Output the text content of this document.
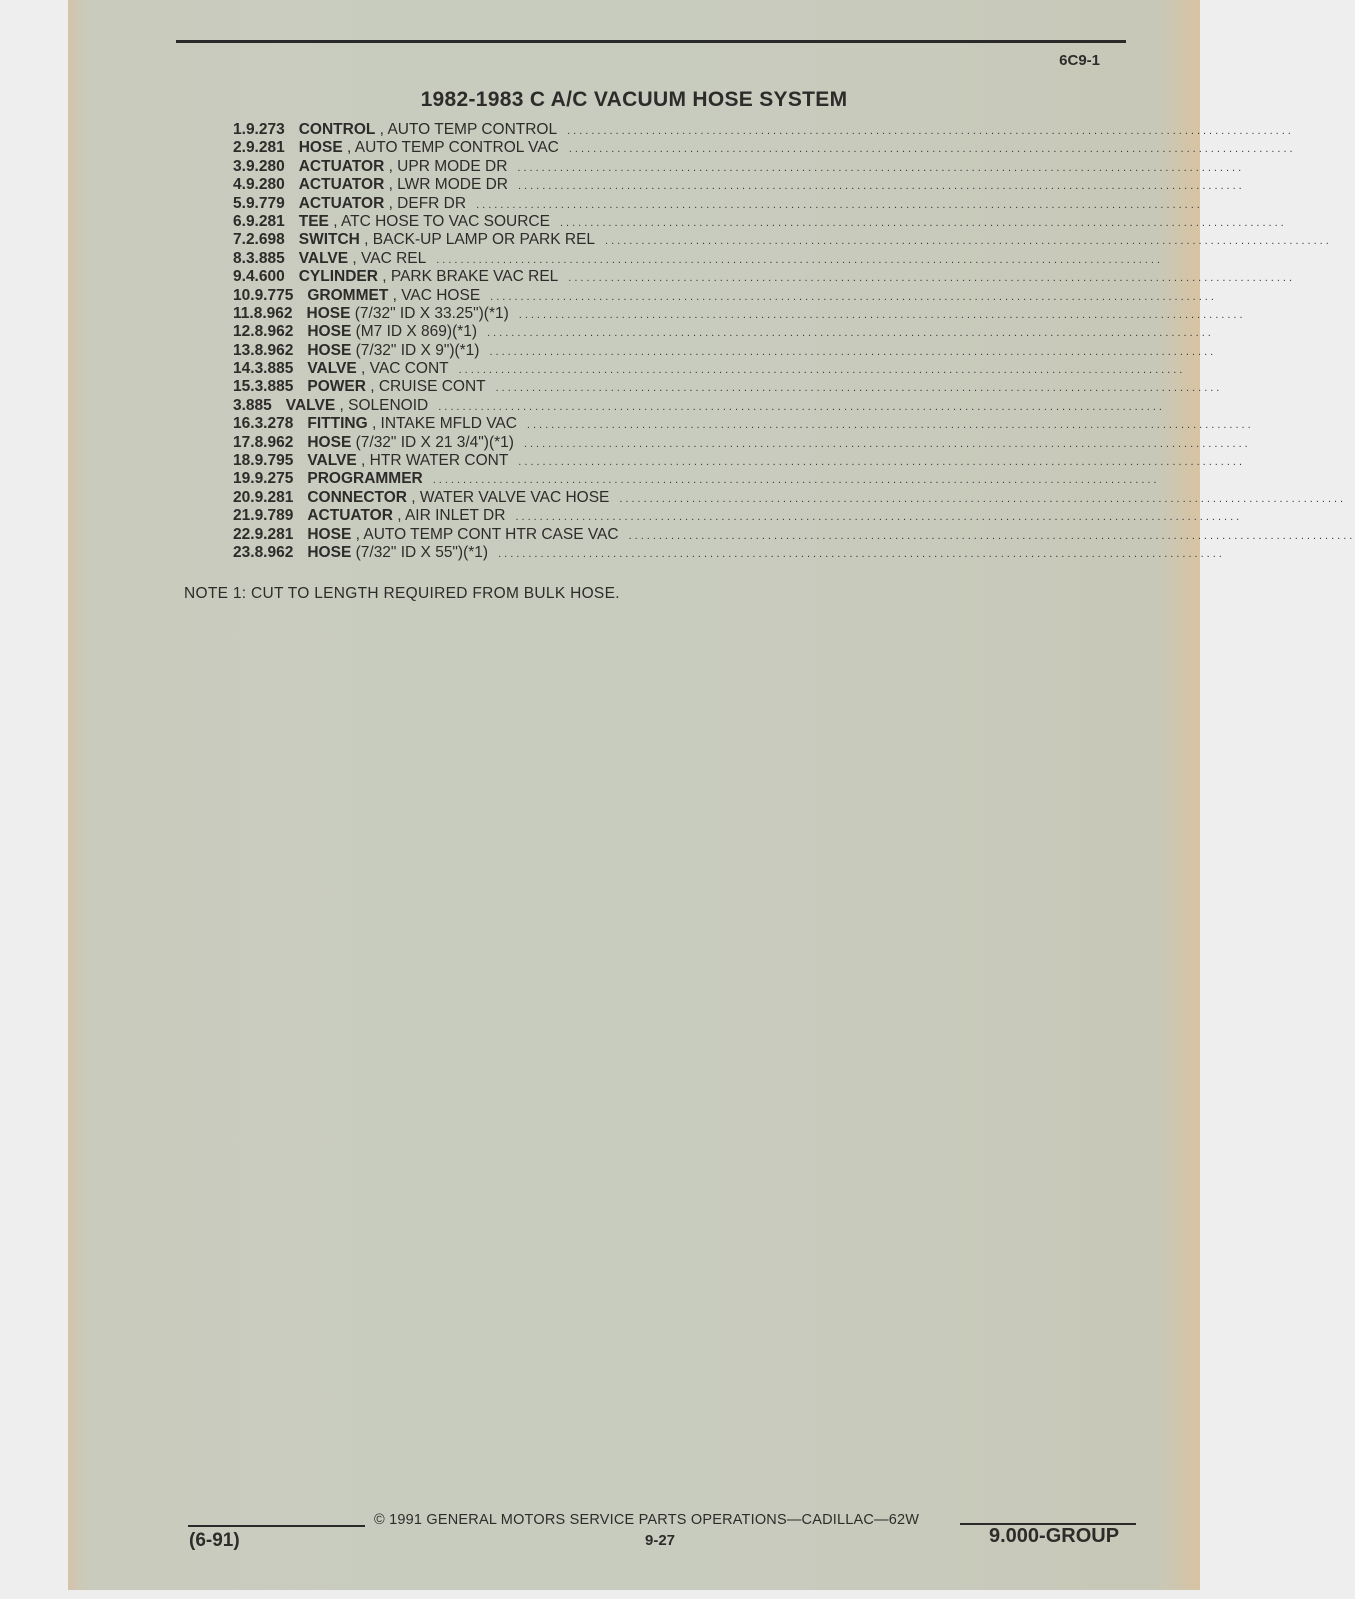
6C9-1
1982-1983 C A/C VACUUM HOSE SYSTEM
1. 9.273 CONTROL , AUTO TEMP CONTROL ........................................................................................................................
2. 9.281 HOSE , AUTO TEMP CONTROL VAC ........................................................................................................................
3. 9.280 ACTUATOR , UPR MODE DR ........................................................................................................................
4. 9.280 ACTUATOR , LWR MODE DR ........................................................................................................................
5. 9.779 ACTUATOR , DEFR DR ........................................................................................................................
6. 9.281 TEE , ATC HOSE TO VAC SOURCE ........................................................................................................................
7. 2.698 SWITCH , BACK-UP LAMP OR PARK REL ........................................................................................................................
8. 3.885 VALVE , VAC REL ........................................................................................................................
9. 4.600 CYLINDER , PARK BRAKE VAC REL ........................................................................................................................
10. 9.775 GROMMET , VAC HOSE ........................................................................................................................
11. 8.962 HOSE (7/32" ID X 33.25")(*1) ........................................................................................................................
12. 8.962 HOSE (M7 ID X 869)(*1) ........................................................................................................................
13. 8.962 HOSE (7/32" ID X 9")(*1) ........................................................................................................................
14. 3.885 VALVE , VAC CONT ........................................................................................................................
15. 3.885 POWER , CRUISE CONT ........................................................................................................................
3.885 VALVE , SOLENOID ........................................................................................................................
16. 3.278 FITTING , INTAKE MFLD VAC ........................................................................................................................
17. 8.962 HOSE (7/32" ID X 21 3/4")(*1) ........................................................................................................................
18. 9.795 VALVE , HTR WATER CONT ........................................................................................................................
19. 9.275 PROGRAMMER ........................................................................................................................
20. 9.281 CONNECTOR , WATER VALVE VAC HOSE ........................................................................................................................
21. 9.789 ACTUATOR , AIR INLET DR ........................................................................................................................
22. 9.281 HOSE , AUTO TEMP CONT HTR CASE VAC ........................................................................................................................
23. 8.962 HOSE (7/32" ID X 55")(*1) ........................................................................................................................
NOTE 1: CUT TO LENGTH REQUIRED FROM BULK HOSE.
© 1991 GENERAL MOTORS SERVICE PARTS OPERATIONS—CADILLAC—62W
(6-91)	9-27	9.000-GROUP
